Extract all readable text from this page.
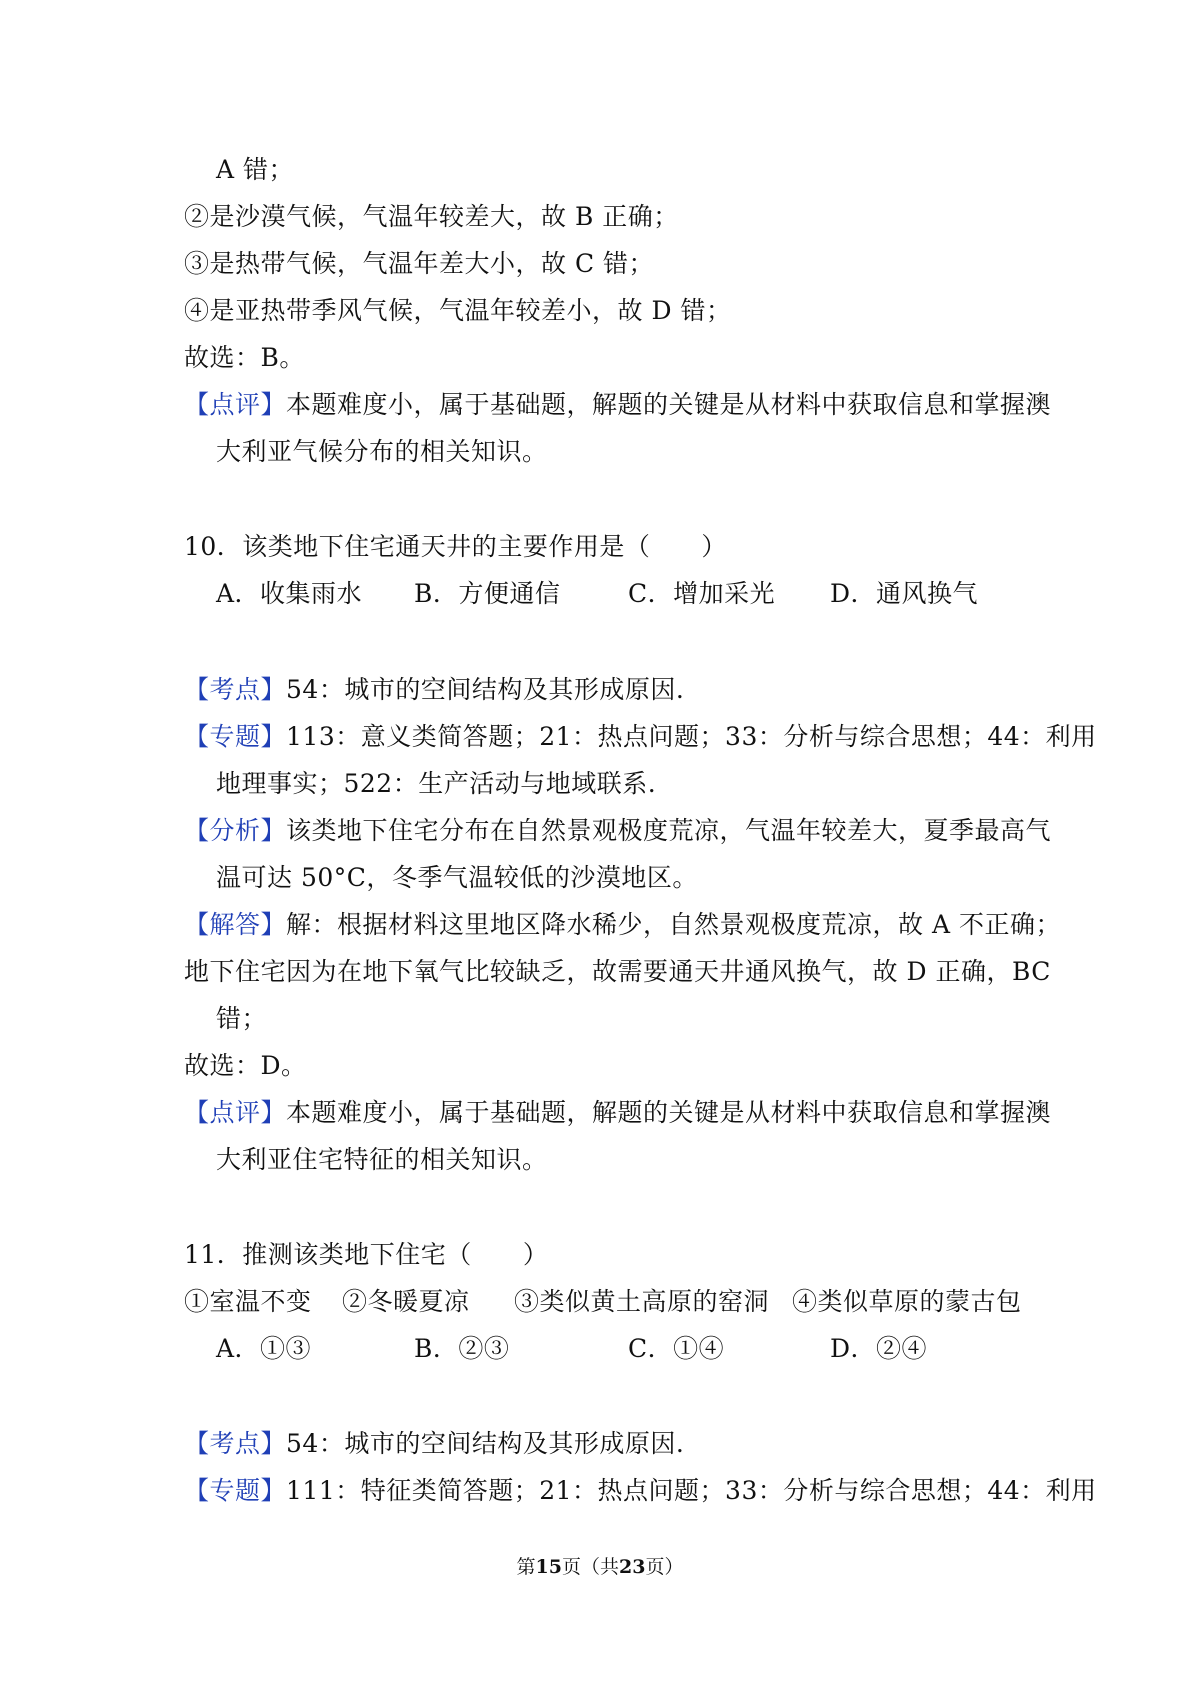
A 错；
②是沙漠气候，气温年较差大，故 B 正确；
③是热带气候，气温年差大小，故 C 错；
④是亚热带季风气候，气温年较差小，故 D 错；
故选：B。
【点评】本题难度小，属于基础题，解题的关键是从材料中获取信息和掌握澳
大利亚气候分布的相关知识。
10．该类地下住宅通天井的主要作用是（　　）
A．收集雨水 B．方便通信	C．增加采光 D．通风换气
【考点】54：城市的空间结构及其形成原因.
【专题】113：意义类简答题；21：热点问题；33：分析与综合思想；44：利用
地理事实；522：生产活动与地域联系.
【分析】该类地下住宅分布在自然景观极度荒凉，气温年较差大，夏季最高气
温可达 50°C，冬季气温较低的沙漠地区。
【解答】解：根据材料这里地区降水稀少，自然景观极度荒凉，故 A 不正确；
地下住宅因为在地下氧气比较缺乏，故需要通天井通风换气，故 D 正确，BC
错；
故选：D。
【点评】本题难度小，属于基础题，解题的关键是从材料中获取信息和掌握澳
大利亚住宅特征的相关知识。
11．推测该类地下住宅（　　）
①室温不变 ②冬暖夏凉 ③类似黄土高原的窑洞 ④类似草原的蒙古包
A．①③	B．②③	C．①④	D．②④
【考点】54：城市的空间结构及其形成原因.
【专题】111：特征类简答题；21：热点问题；33：分析与综合思想；44：利用
第15页（共23页）
